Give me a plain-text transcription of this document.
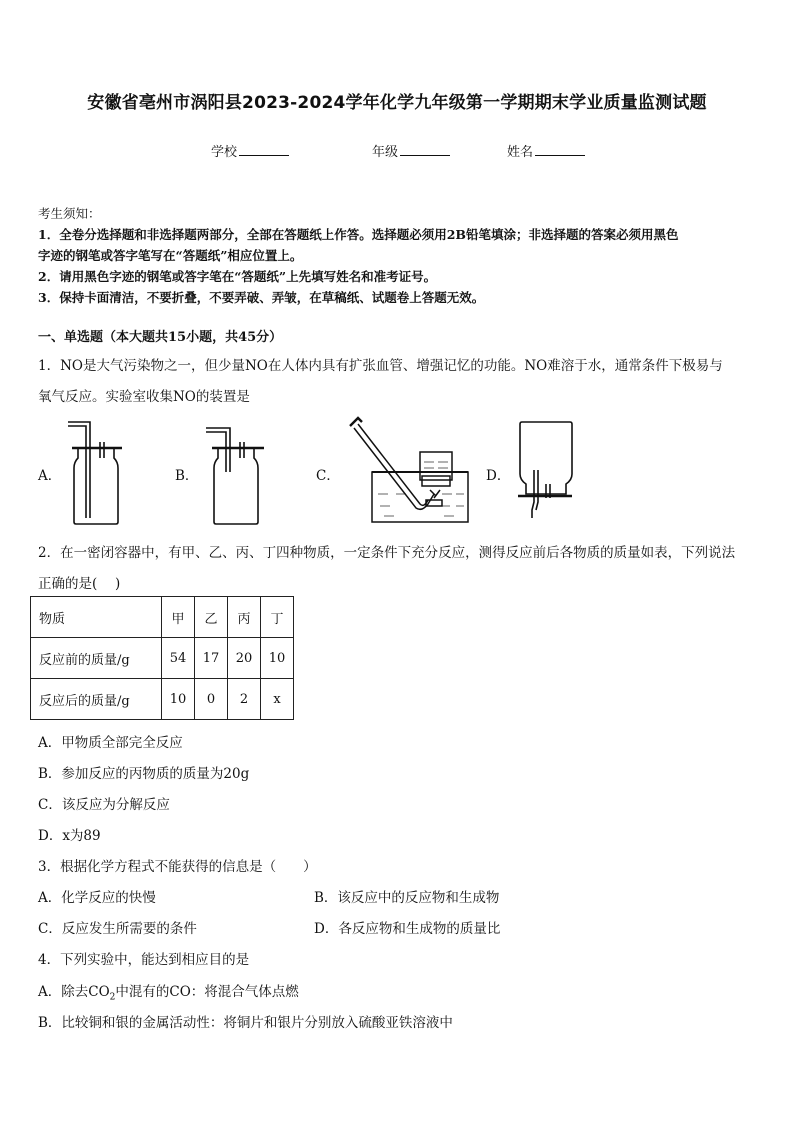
安徽省亳州市涡阳县2023-2024学年化学九年级第一学期期末学业质量监测试题
学校	年级	姓名

考生须知：

1．全卷分选择题和非选择题两部分，全部在答题纸上作答。选择题必须用2B铅笔填涂；非选择题的答案必须用黑色

字迹的钢笔或答字笔写在“答题纸”相应位置上。

2．请用黑色字迹的钢笔或答字笔在“答题纸”上先填写姓名和准考证号。

3．保持卡面清洁，不要折叠，不要弄破、弄皱，在草稿纸、试题卷上答题无效。

一、单选题（本大题共15小题，共45分）
1．NO是大气污染物之一，但少量NO在人体内具有扩张血管、增强记忆的功能。NO难溶于水，通常条件下极易与
氧气反应。实验室收集NO的装置是
A．	B．	C．	D．
2．在一密闭容器中，有甲、乙、丙、丁四种物质，一定条件下充分反应，测得反应前后各物质的质量如表，下列说法
正确的是(　 )
物质	甲	乙	丙	丁
反应前的质量/g	54	17	20	10
反应后的质量/g	10	0	2	x
A．甲物质全部完全反应
B．参加反应的丙物质的质量为20g
C．该反应为分解反应
D．x为89
3．根据化学方程式不能获得的信息是（　　）
A．化学反应的快慢	B．该反应中的反应物和生成物
C．反应发生所需要的条件	D．各反应物和生成物的质量比
4．下列实验中，能达到相应目的是
A．除去$CO_2$中混有的CO：将混合气体点燃
B．比较铜和银的金属活动性：将铜片和银片分别放入硫酸亚铁溶液中
